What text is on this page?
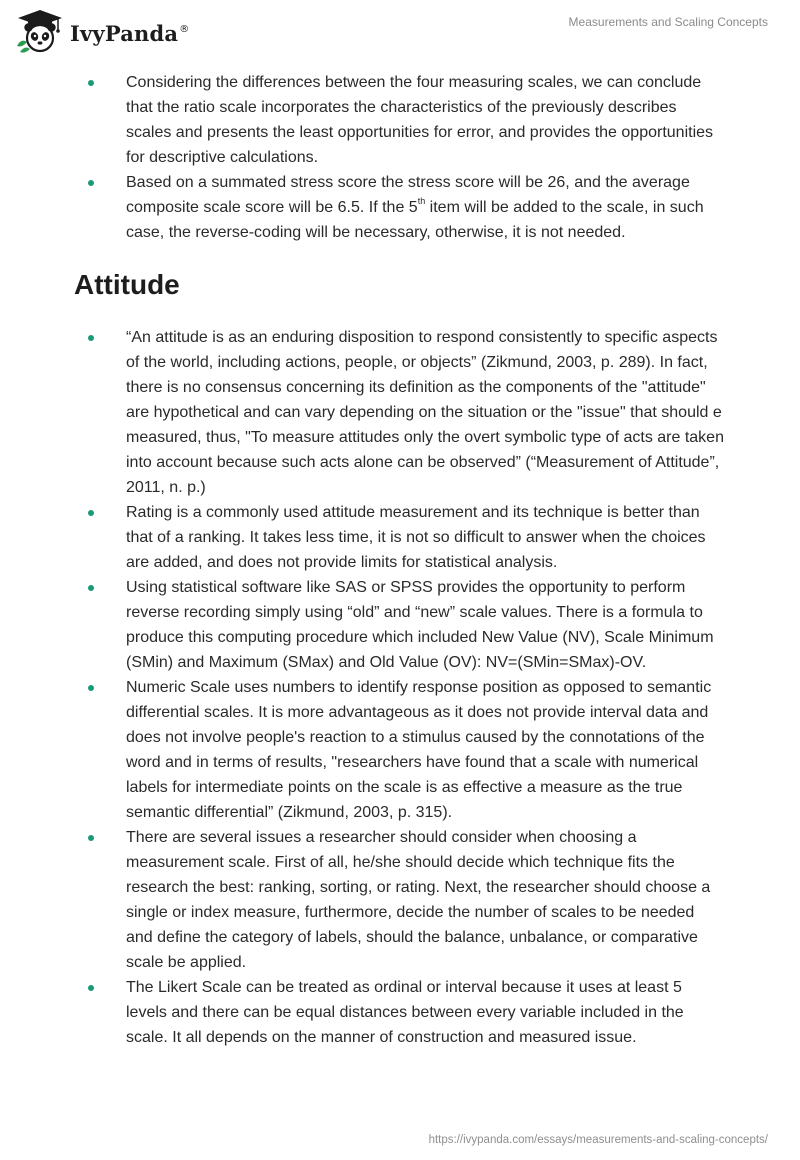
IvyPanda®	Measurements and Scaling Concepts
Considering the differences between the four measuring scales, we can conclude that the ratio scale incorporates the characteristics of the previously describes scales and presents the least opportunities for error, and provides the opportunities for descriptive calculations.
Based on a summated stress score the stress score will be 26, and the average composite scale score will be 6.5. If the 5th item will be added to the scale, in such case, the reverse-coding will be necessary, otherwise, it is not needed.
Attitude
“An attitude is as an enduring disposition to respond consistently to specific aspects of the world, including actions, people, or objects” (Zikmund, 2003, p. 289). In fact, there is no consensus concerning its definition as the components of the "attitude" are hypothetical and can vary depending on the situation or the "issue" that should e measured, thus, "To measure attitudes only the overt symbolic type of acts are taken into account because such acts alone can be observed” (“Measurement of Attitude”, 2011, n. p.)
Rating is a commonly used attitude measurement and its technique is better than that of a ranking. It takes less time, it is not so difficult to answer when the choices are added, and does not provide limits for statistical analysis.
Using statistical software like SAS or SPSS provides the opportunity to perform reverse recording simply using “old” and “new” scale values. There is a formula to produce this computing procedure which included New Value (NV), Scale Minimum (SMin) and Maximum (SMax) and Old Value (OV): NV=(SMin=SMax)-OV.
Numeric Scale uses numbers to identify response position as opposed to semantic differential scales. It is more advantageous as it does not provide interval data and does not involve people's reaction to a stimulus caused by the connotations of the word and in terms of results, "researchers have found that a scale with numerical labels for intermediate points on the scale is as effective a measure as the true semantic differential” (Zikmund, 2003, p. 315).
There are several issues a researcher should consider when choosing a measurement scale. First of all, he/she should decide which technique fits the research the best: ranking, sorting, or rating. Next, the researcher should choose a single or index measure, furthermore, decide the number of scales to be needed and define the category of labels, should the balance, unbalance, or comparative scale be applied.
The Likert Scale can be treated as ordinal or interval because it uses at least 5 levels and there can be equal distances between every variable included in the scale. It all depends on the manner of construction and measured issue.
https://ivypanda.com/essays/measurements-and-scaling-concepts/
